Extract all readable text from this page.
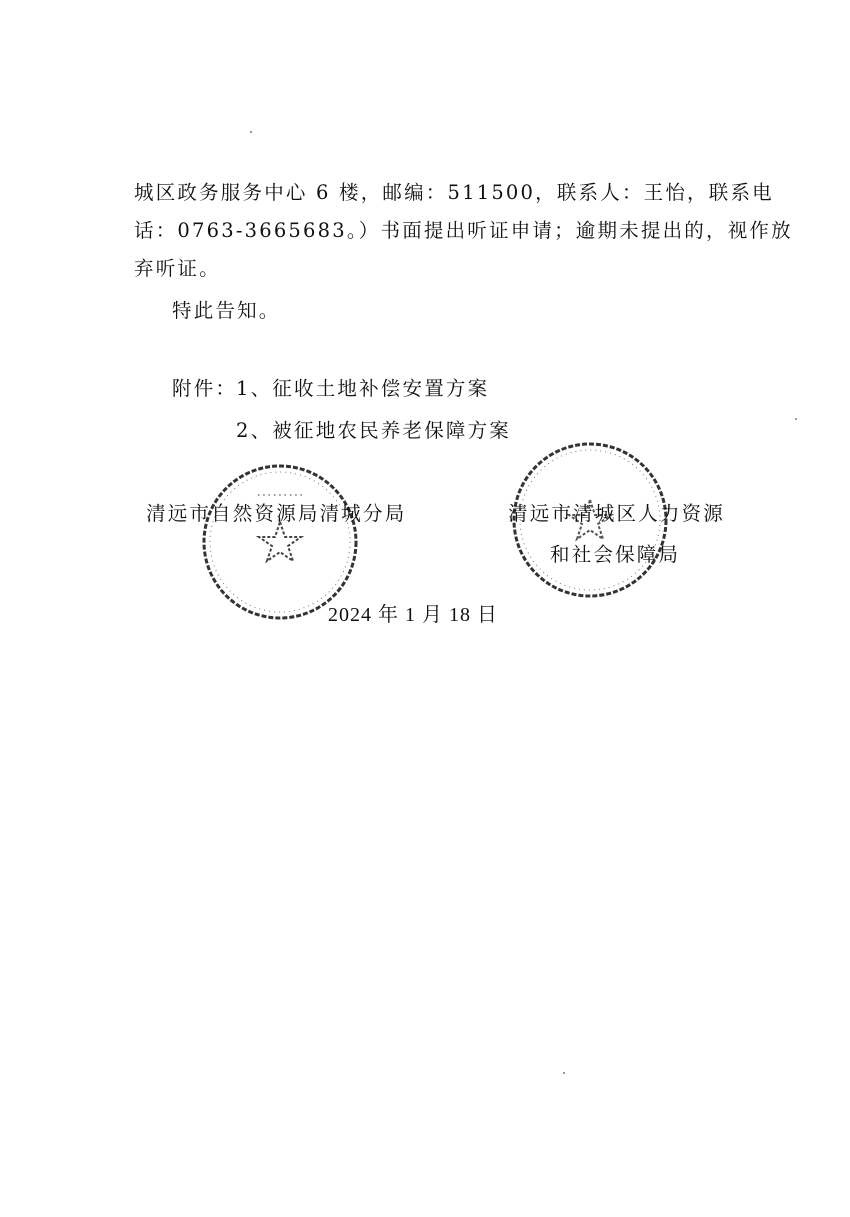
城区政务服务中心 6 楼，邮编：511500，联系人：王怡，联系电
话：0763-3665683。）书面提出听证申请；逾期未提出的，视作放
弃听证。
特此告知。
附件：
1、征收土地补偿安置方案
2、被征地农民养老保障方案
⋯⋯⋯
清远市自然资源局清城分局	清远市清城区人力资源
和社会保障局
2024 年 1 月 18 日
